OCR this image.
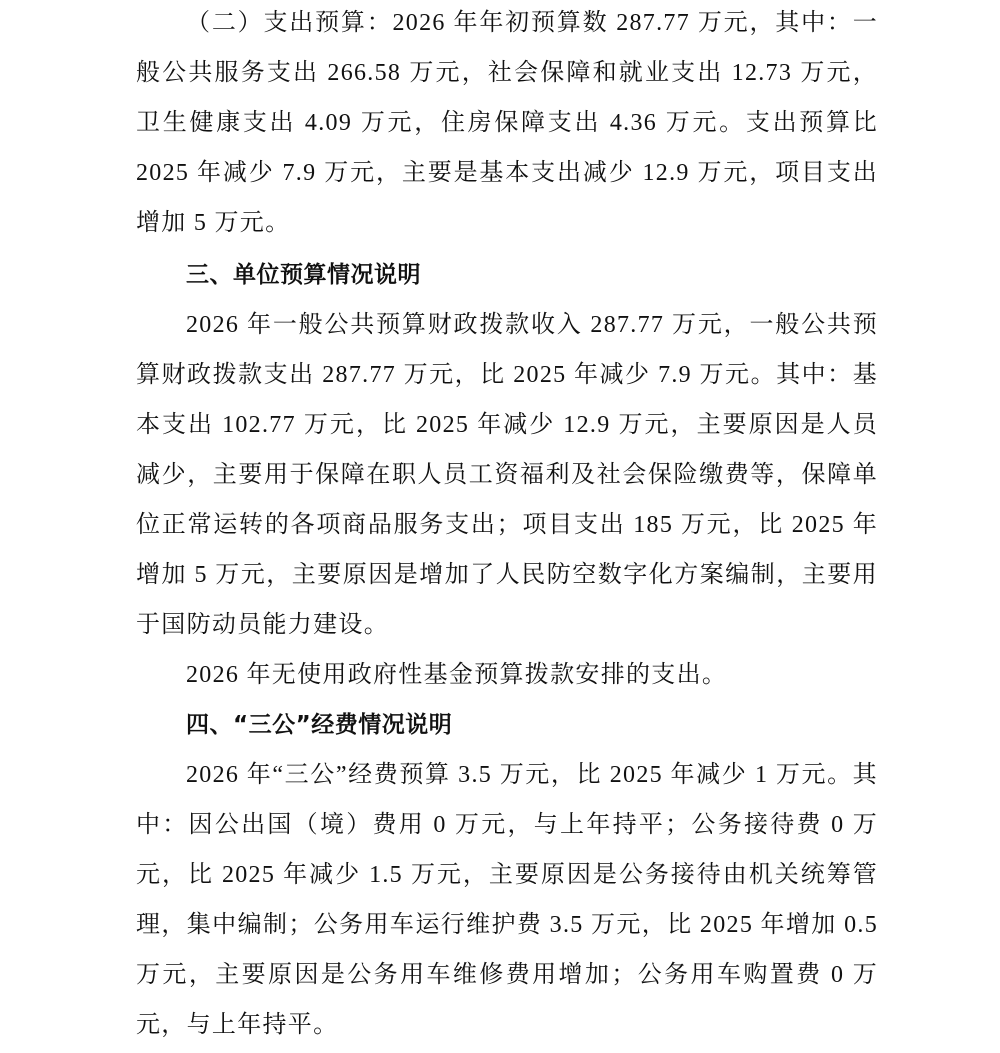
（二）支出预算：2026 年年初预算数 287.77 万元，其中：一般公共服务支出 266.58 万元，社会保障和就业支出 12.73 万元，卫生健康支出 4.09 万元，住房保障支出 4.36 万元。支出预算比 2025 年减少 7.9 万元，主要是基本支出减少 12.9 万元，项目支出增加 5 万元。

三、单位预算情况说明

2026 年一般公共预算财政拨款收入 287.77 万元，一般公共预算财政拨款支出 287.77 万元，比 2025 年减少 7.9 万元。其中：基本支出 102.77 万元，比 2025 年减少 12.9 万元，主要原因是人员减少，主要用于保障在职人员工资福利及社会保险缴费等，保障单位正常运转的各项商品服务支出；项目支出 185 万元，比 2025 年增加 5 万元，主要原因是增加了人民防空数字化方案编制，主要用于国防动员能力建设。

2026 年无使用政府性基金预算拨款安排的支出。

四、“三公”经费情况说明

2026 年“三公”经费预算 3.5 万元，比 2025 年减少 1 万元。其中：因公出国（境）费用 0 万元，与上年持平；公务接待费 0 万元，比 2025 年减少 1.5 万元，主要原因是公务接待由机关统筹管理，集中编制；公务用车运行维护费 3.5 万元，比 2025 年增加 0.5 万元，主要原因是公务用车维修费用增加；公务用车购置费 0 万元，与上年持平。
